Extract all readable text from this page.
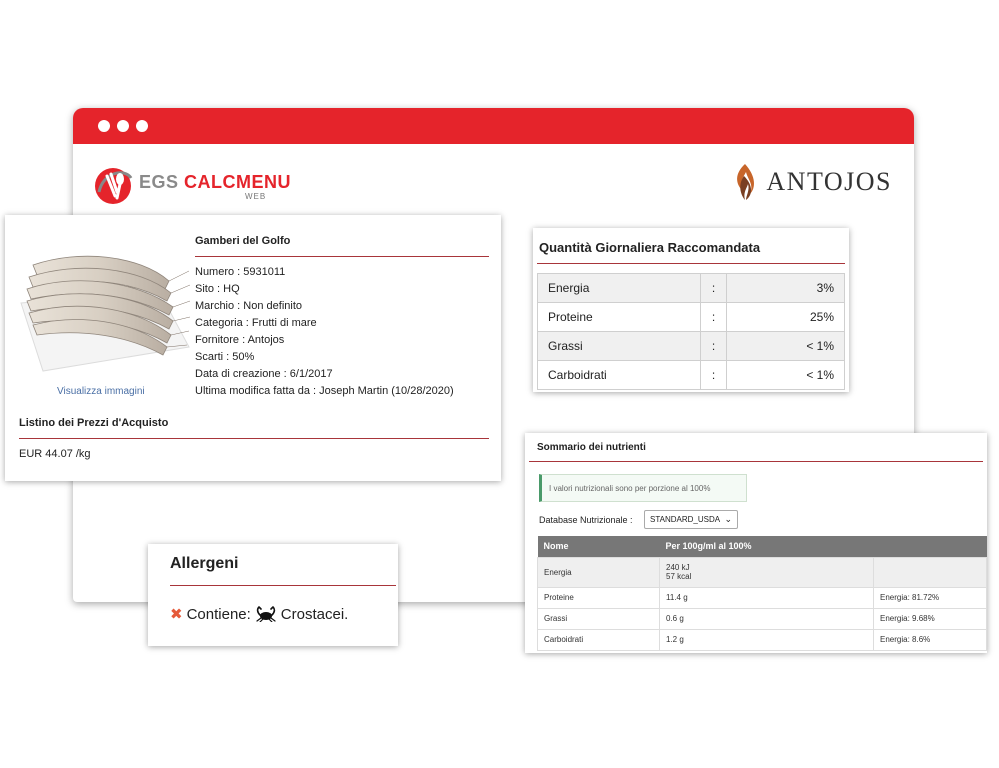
EGS CALCMENU
WEB
ANTOJOS
Visualizza immagini
Gamberi del Golfo
Numero : 5931011
Sito : HQ
Marchio : Non definito
Categoria : Frutti di mare
Fornitore : Antojos
Scarti : 50%
Data di creazione : 6/1/2017
Ultima modifica fatta da : Joseph Martin (10/28/2020)
Listino dei Prezzi d'Acquisto
EUR 44.07 /kg
Quantità Giornaliera Raccomandata
Energia	:	3%
Proteine	:	25%
Grassi	:	< 1%
Carboidrati	:	< 1%
Sommario dei nutrienti
I valori nutrizionali sono per porzione al 100%
Database Nutrizionale :	STANDARD_USDA ⌄
Nome	Per 100g/ml al 100%	
Energia	240 kJ
57 kcal	

Proteine	11.4 g	Energia: 81.72%
Grassi	0.6 g	Energia: 9.68%
Carboidrati	1.2 g	Energia: 8.6%
Allergeni
✖ Contiene: Crostacei.
